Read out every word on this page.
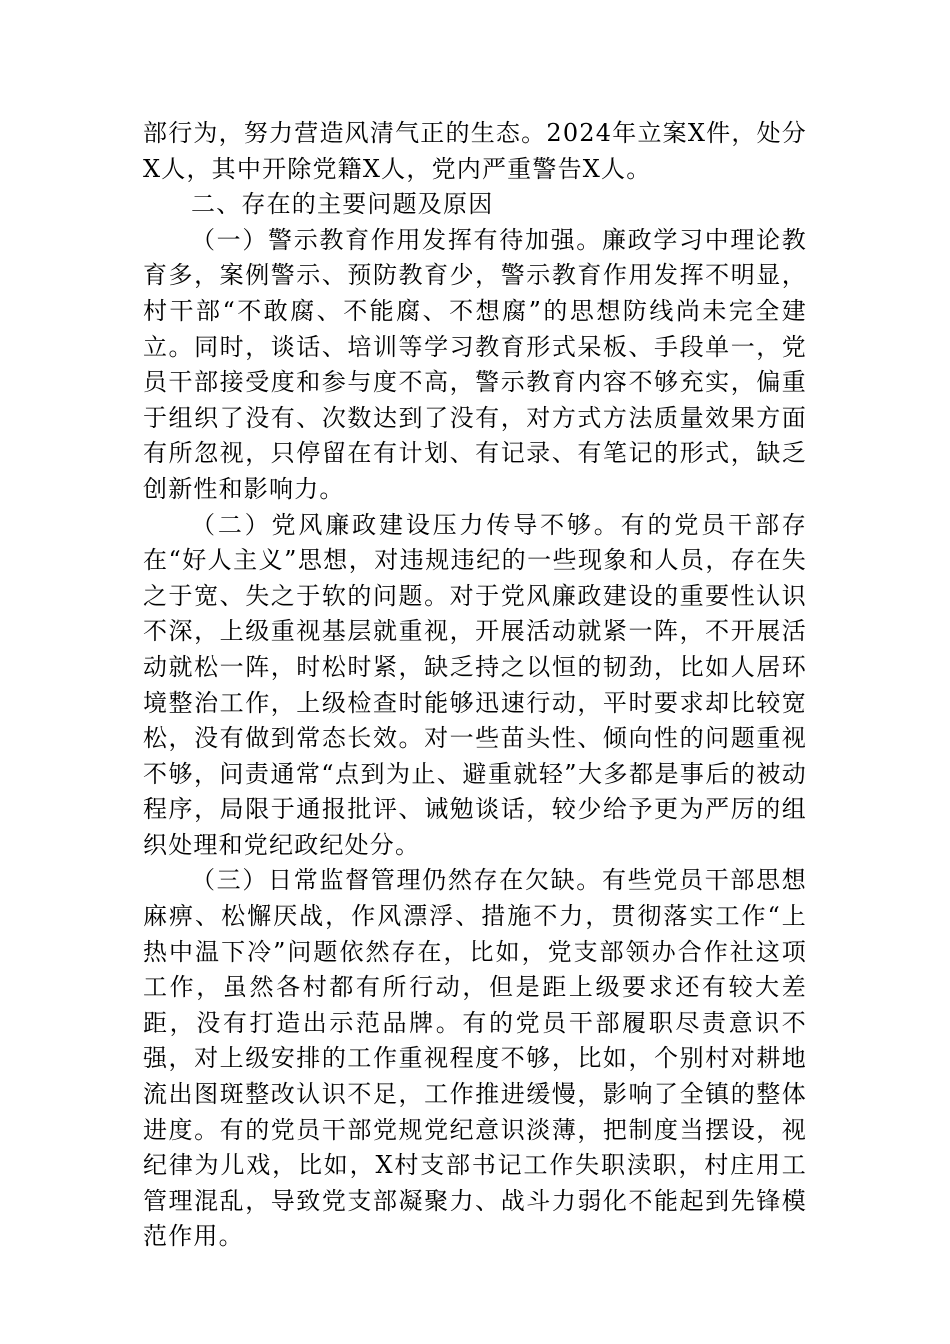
部行为，努力营造风清气正的生态。2024年立案X件，处分X人，其中开除党籍X人，党内严重警告X人。

二、存在的主要问题及原因

（一）警示教育作用发挥有待加强。廉政学习中理论教育多，案例警示、预防教育少，警示教育作用发挥不明显，村干部“不敢腐、不能腐、不想腐”的思想防线尚未完全建立。同时，谈话、培训等学习教育形式呆板、手段单一，党员干部接受度和参与度不高，警示教育内容不够充实，偏重于组织了没有、次数达到了没有，对方式方法质量效果方面有所忽视，只停留在有计划、有记录、有笔记的形式，缺乏创新性和影响力。

（二）党风廉政建设压力传导不够。有的党员干部存在“好人主义”思想，对违规违纪的一些现象和人员，存在失之于宽、失之于软的问题。对于党风廉政建设的重要性认识不深，上级重视基层就重视，开展活动就紧一阵，不开展活动就松一阵，时松时紧，缺乏持之以恒的韧劲，比如人居环境整治工作，上级检查时能够迅速行动，平时要求却比较宽松，没有做到常态长效。对一些苗头性、倾向性的问题重视不够，问责通常“点到为止、避重就轻”大多都是事后的被动程序，局限于通报批评、诫勉谈话，较少给予更为严厉的组织处理和党纪政纪处分。

（三）日常监督管理仍然存在欠缺。有些党员干部思想麻痹、松懈厌战，作风漂浮、措施不力，贯彻落实工作“上热中温下冷”问题依然存在，比如，党支部领办合作社这项工作，虽然各村都有所行动，但是距上级要求还有较大差距，没有打造出示范品牌。有的党员干部履职尽责意识不强，对上级安排的工作重视程度不够，比如，个别村对耕地流出图斑整改认识不足，工作推进缓慢，影响了全镇的整体进度。有的党员干部党规党纪意识淡薄，把制度当摆设，视纪律为儿戏，比如，X村支部书记工作失职渎职，村庄用工管理混乱，导致党支部凝聚力、战斗力弱化不能起到先锋模范作用。
